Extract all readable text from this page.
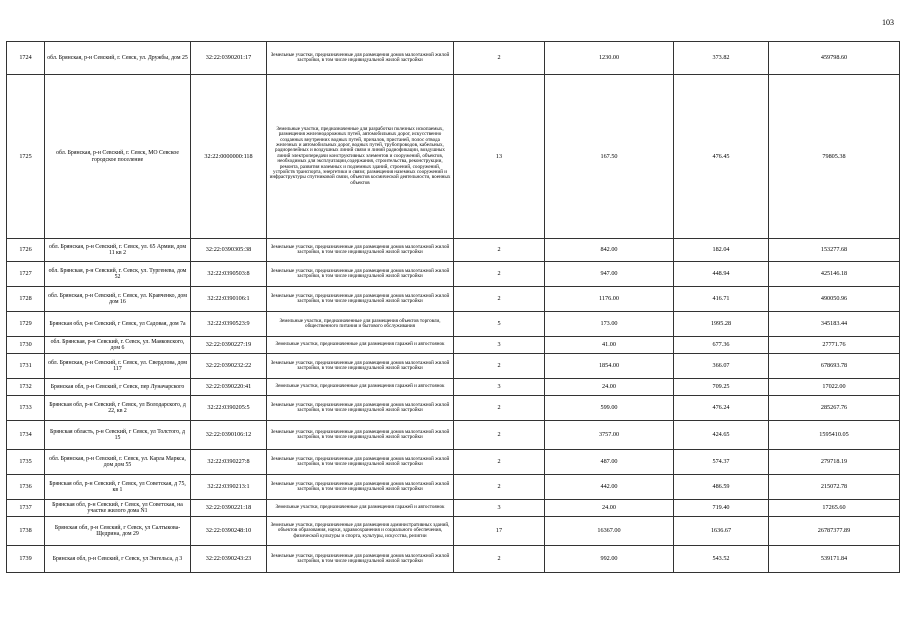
103
1724	обл. Брянская, р-н Севский, г. Севск, ул. Дружбы, дом 25	32:22:0390201:17	Земельные участки, предназначенные для размещения домов малоэтажной жилой застройки, в том числе индивидуальной жилой застройки	2	1230.00	373.82	459798.60
1725	обл. Брянская, р-н Севский, г. Севск, МО Севское городское поселение	32:22:0000000:118	Земельные участки, предназначенные для разработки полезных ископаемых, размещения железнодорожных путей, автомобильных дорог, искусственно созданных внутренних водных путей, причалов, пристаней, полос отвода железных и автомобильных дорог, водных путей, трубопроводов, кабельных, радиорелейных и воздушных линий связи и линий радиофикации, воздушных линий электропередачи конструктивных элементов и сооружений, объектов, необходимых для эксплуатации,содержания, строительства, реконструкции, ремонта, развития наземных и подземных зданий, строений, сооружений, устройств транспорта, энергетики и связи; размещения наземных сооружений и инфраструктуры спутниковой связи, объектов космической деятельности, военных объектов	13	167.50	476.45	79805.38
1726	обл. Брянская, р-н Севский, г. Севск, ул. 65 Армии, дом 11 кв 2	32:22:0390305:38	Земельные участки, предназначенные для размещения домов малоэтажной жилой застройки, в том числе индивидуальной жилой застройки	2	842.00	182.04	153277.68
1727	обл. Брянская, р-н Севский, г. Севск, ул. Тургенева, дом 52	32:22:0390503:8	Земельные участки, предназначенные для размещения домов малоэтажной жилой застройки, в том числе индивидуальной жилой застройки	2	947.00	448.94	425146.18
1728	обл. Брянская, р-н Севский, г. Севск, ул. Кравченко, дом дом 16	32:22:0390106:1	Земельные участки, предназначенные для размещения домов малоэтажной жилой застройки, в том числе индивидуальной жилой застройки	2	1176.00	416.71	490050.96
1729	Брянская обл, р-н Севский, г Севск, ул Садовая, дом 7а	32:22:0390523:9	Земельные участки, предназначенные для размещения объектов торговли, общественного питания и бытового обслуживания	5	173.00	1995.28	345183.44
1730	обл. Брянская, р-н Севский, г. Севск, ул. Маяковского, дом 6	32:22:0390227:19	Земельные участки, предназначенные для размещения гаражей и автостоянок	3	41.00	677.36	27771.76
1731	обл. Брянская, р-н Севский, г. Севск, ул. Свердлова, дом 117	32:22:0390232:22	Земельные участки, предназначенные для размещения домов малоэтажной жилой застройки, в том числе индивидуальной жилой застройки	2	1854.00	366.07	678693.78
1732	Брянская обл, р-н Севский, г Севск, пер Луначарского	32:22:0390220:41	Земельные участки, предназначенные для размещения гаражей и автостоянок	3	24.00	709.25	17022.00
1733	Брянская обл, р-н Севский, г Севск, ул Володарского, д 22, кв 2	32:22:0390205:5	Земельные участки, предназначенные для размещения домов малоэтажной жилой застройки, в том числе индивидуальной жилой застройки	2	599.00	476.24	285267.76
1734	Брянская область, р-н Севский, г Севск, ул Толстого, д 15	32:22:0390106:12	Земельные участки, предназначенные для размещения домов малоэтажной жилой застройки, в том числе индивидуальной жилой застройки	2	3757.00	424.65	1595410.05
1735	обл. Брянская, р-н Севский, г. Севск, ул. Карла Маркса, дом дом 55	32:22:0390227:8	Земельные участки, предназначенные для размещения домов малоэтажной жилой застройки, в том числе индивидуальной жилой застройки	2	487.00	574.37	279718.19
1736	Брянская обл, р-н Севский, г Севск, ул Советская, д 75, кв 1	32:22:0390213:1	Земельные участки, предназначенные для размещения домов малоэтажной жилой застройки, в том числе индивидуальной жилой застройки	2	442.00	486.59	215072.78
1737	Брянская обл, р-н Севский, г Севск, ул Советская, на участке жилого дома N1	32:22:0390221:18	Земельные участки, предназначенные для размещения гаражей и автостоянок	3	24.00	719.40	17265.60
1738	Брянская обл, р-н Севский, г Севск, ул Салтыкова-Щедрина, дом 29	32:22:0390248:10	Земельные участки, предназначенные для размещения административных зданий, объектов образования, науки, здравоохранения и социального обеспечения, физической культуры и спорта, культуры, искусства, религии	17	16367.00	1636.67	26787377.89
1739	Брянская обл, р-н Севский, г Севск, ул Энгельса, д 3	32:22:0390243:23	Земельные участки, предназначенные для размещения домов малоэтажной жилой застройки, в том числе индивидуальной жилой застройки	2	992.00	543.52	539171.84
